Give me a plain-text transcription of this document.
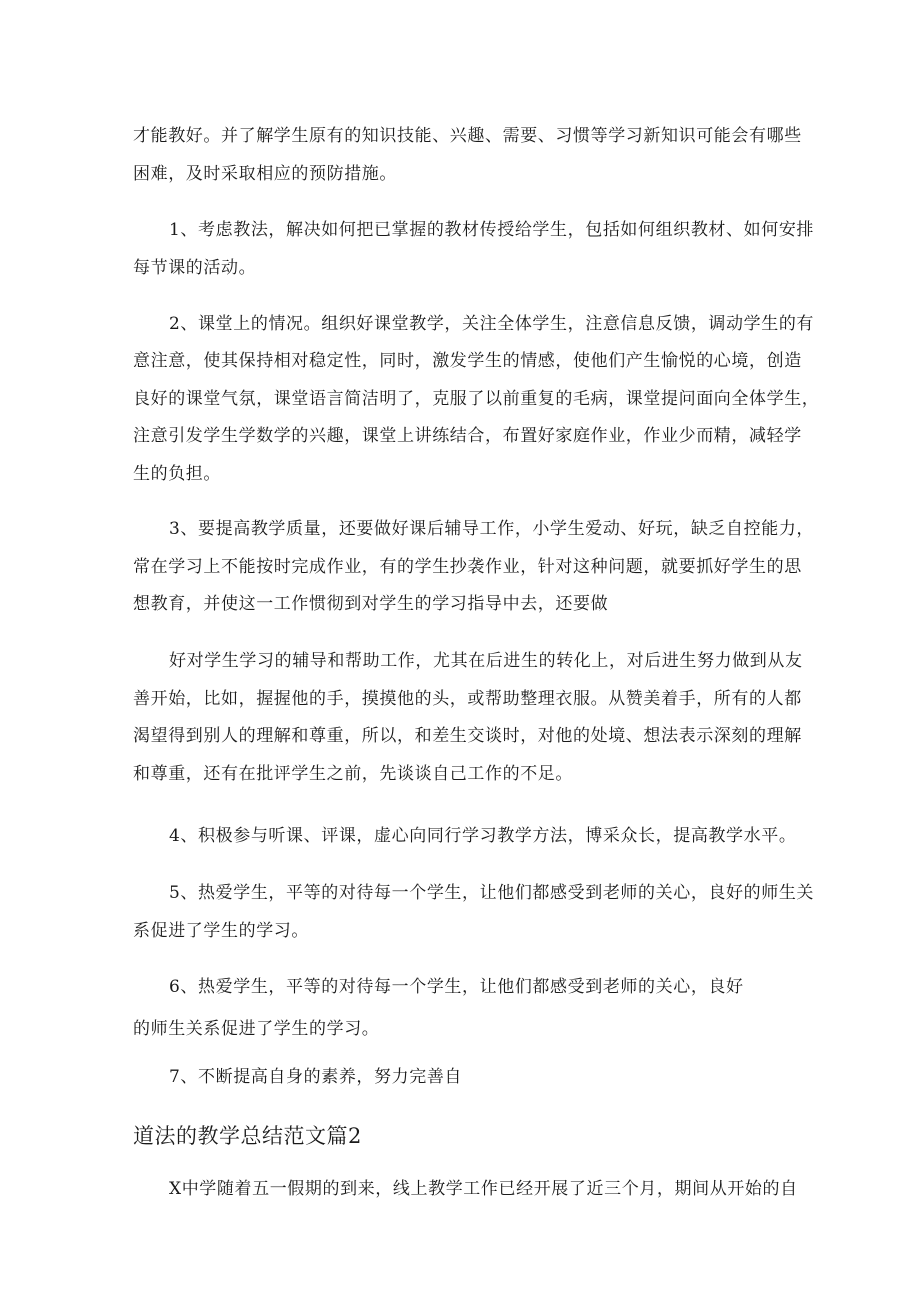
才能教好。并了解学生原有的知识技能、兴趣、需要、习惯等学习新知识可能会有哪些
困难，及时采取相应的预防措施。
1、考虑教法，解决如何把已掌握的教材传授给学生，包括如何组织教材、如何安排
每节课的活动。
2、课堂上的情况。组织好课堂教学，关注全体学生，注意信息反馈，调动学生的有
意注意，使其保持相对稳定性，同时，激发学生的情感，使他们产生愉悦的心境，创造
良好的课堂气氛，课堂语言简洁明了，克服了以前重复的毛病，课堂提问面向全体学生，
注意引发学生学数学的兴趣，课堂上讲练结合，布置好家庭作业，作业少而精，减轻学
生的负担。
3、要提高教学质量，还要做好课后辅导工作，小学生爱动、好玩，缺乏自控能力，
常在学习上不能按时完成作业，有的学生抄袭作业，针对这种问题，就要抓好学生的思
想教育，并使这一工作惯彻到对学生的学习指导中去，还要做
好对学生学习的辅导和帮助工作，尤其在后进生的转化上，对后进生努力做到从友
善开始，比如，握握他的手，摸摸他的头，或帮助整理衣服。从赞美着手，所有的人都
渴望得到别人的理解和尊重，所以，和差生交谈时，对他的处境、想法表示深刻的理解
和尊重，还有在批评学生之前，先谈谈自己工作的不足。
4、积极参与听课、评课，虚心向同行学习教学方法，博采众长，提高教学水平。
5、热爱学生，平等的对待每一个学生，让他们都感受到老师的关心，良好的师生关
系促进了学生的学习。
6、热爱学生，平等的对待每一个学生，让他们都感受到老师的关心，良好
的师生关系促进了学生的学习。
7、不断提高自身的素养，努力完善自
道法的教学总结范文篇2
X中学随着五一假期的到来，线上教学工作已经开展了近三个月，期间从开始的自
